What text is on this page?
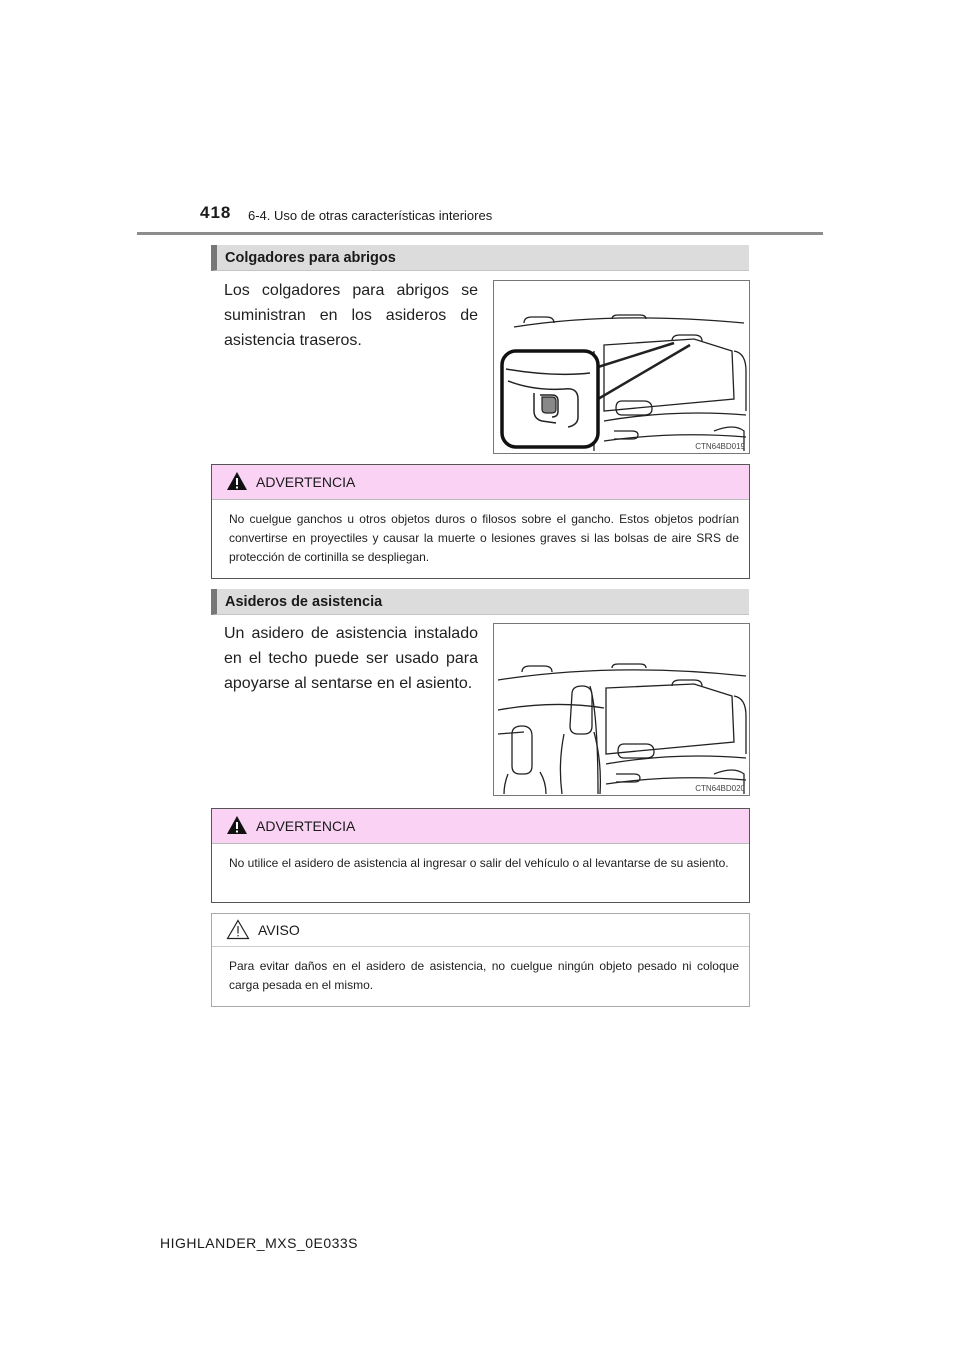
418 6-4. Uso de otras características interiores
Colgadores para abrigos
Los colgadores para abrigos se suministran en los asideros de asistencia traseros.
CTN64BD019
ADVERTENCIA
No cuelgue ganchos u otros objetos duros o filosos sobre el gancho. Estos objetos podrían convertirse en proyectiles y causar la muerte o lesiones graves si las bolsas de aire SRS de protección de cortinilla se despliegan.
Asideros de asistencia
Un asidero de asistencia instalado en el techo puede ser usado para apoyarse al sentarse en el asiento.
CTN64BD020
ADVERTENCIA
No utilice el asidero de asistencia al ingresar o salir del vehículo o al levantarse de su asiento.
AVISO
Para evitar daños en el asidero de asistencia, no cuelgue ningún objeto pesado ni coloque carga pesada en el mismo.
HIGHLANDER_MXS_0E033S
